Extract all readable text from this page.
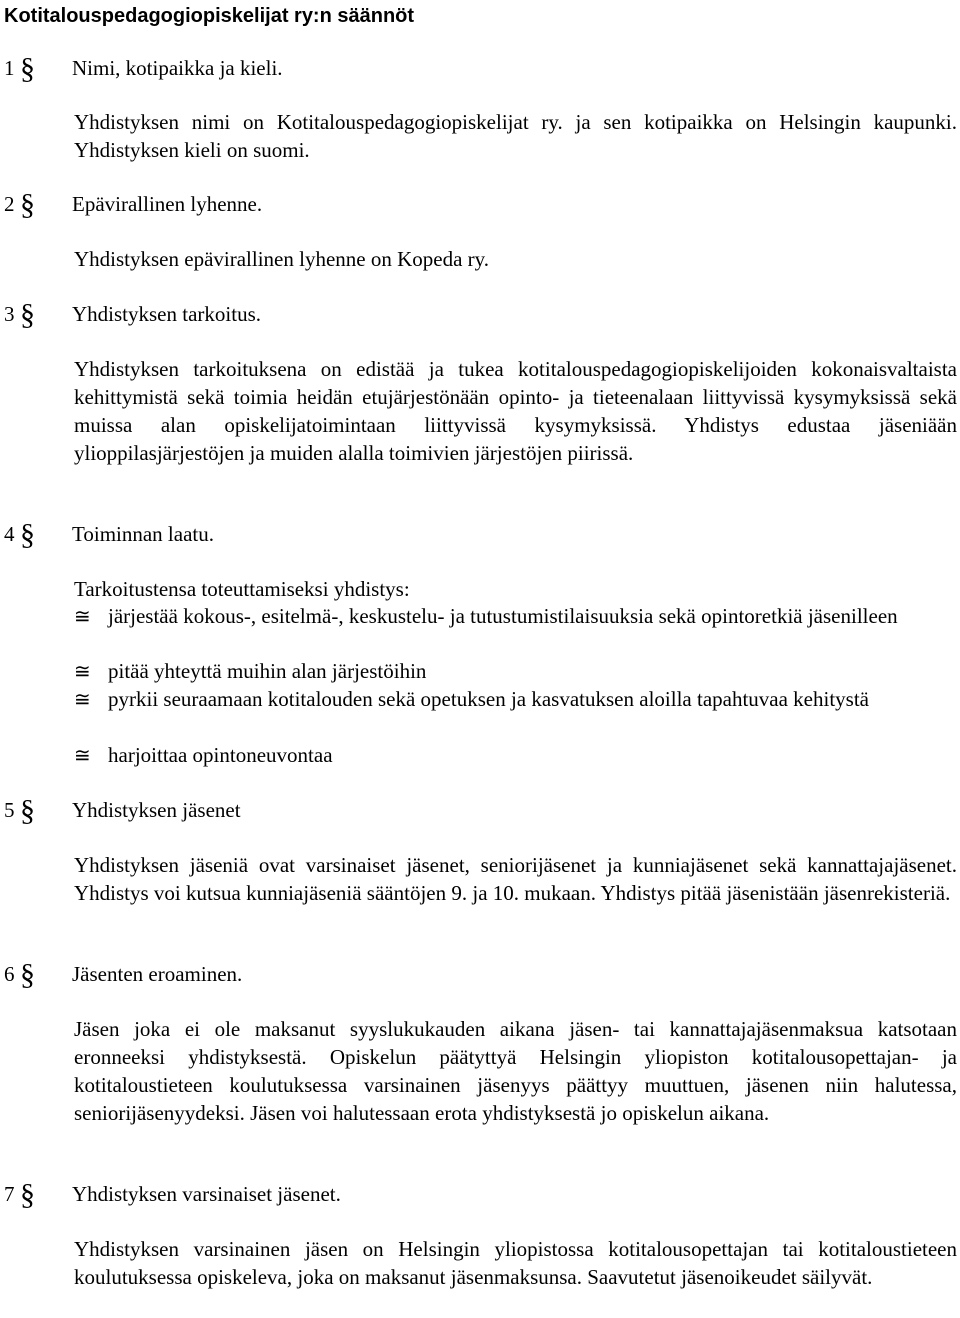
Kotitalouspedagogiopiskelijat ry:n säännöt
1 § Nimi, kotipaikka ja kieli.

Yhdistyksen nimi on Kotitalouspedagogiopiskelijat ry. ja sen kotipaikka on Helsingin kaupunki. Yhdistyksen kieli on suomi.

2 § Epävirallinen lyhenne.

Yhdistyksen epävirallinen lyhenne on Kopeda ry.

3 § Yhdistyksen tarkoitus.

Yhdistyksen tarkoituksena on edistää ja tukea kotitalouspedagogiopiskelijoiden kokonaisvaltaista kehittymistä sekä toimia heidän etujärjestönään opinto- ja tieteenalaan liittyvissä kysymyksissä sekä muissa alan opiskelijatoimintaan liittyvissä kysymyksissä. Yhdistys edustaa jäseniään ylioppilasjärjestöjen ja muiden alalla toimivien järjestöjen piirissä.

4 § Toiminnan laatu.
Tarkoitustensa toteuttamiseksi yhdistys:
≅ järjestää kokous-, esitelmä-, keskustelu- ja tutustumistilaisuuksia sekä opintoretkiä jäsenilleen
≅ pitää yhteyttä muihin alan järjestöihin
≅ pyrkii seuraamaan kotitalouden sekä opetuksen ja kasvatuksen aloilla tapahtuvaa kehitystä
≅ harjoittaa opintoneuvontaa
5 § Yhdistyksen jäsenet

Yhdistyksen jäseniä ovat varsinaiset jäsenet, seniorijäsenet ja kunniajäsenet sekä kannattajajäsenet. Yhdistys voi kutsua kunniajäseniä sääntöjen 9. ja 10. mukaan. Yhdistys pitää jäsenistään jäsenrekisteriä.

6 § Jäsenten eroaminen.

Jäsen joka ei ole maksanut syyslukukauden aikana jäsen- tai kannattajajäsenmaksua katsotaan eronneeksi yhdistyksestä. Opiskelun päätyttyä Helsingin yliopiston kotitalousopettajan- ja kotitaloustieteen koulutuksessa varsinainen jäsenyys päättyy muuttuen, jäsenen niin halutessa, seniorijäsenyydeksi. Jäsen voi halutessaan erota yhdistyksestä jo opiskelun aikana.

7 § Yhdistyksen varsinaiset jäsenet.

Yhdistyksen varsinainen jäsen on Helsingin yliopistossa kotitalousopettajan tai kotitaloustieteen koulutuksessa opiskeleva, joka on maksanut jäsenmaksunsa. Saavutetut jäsenoikeudet säilyvät.
